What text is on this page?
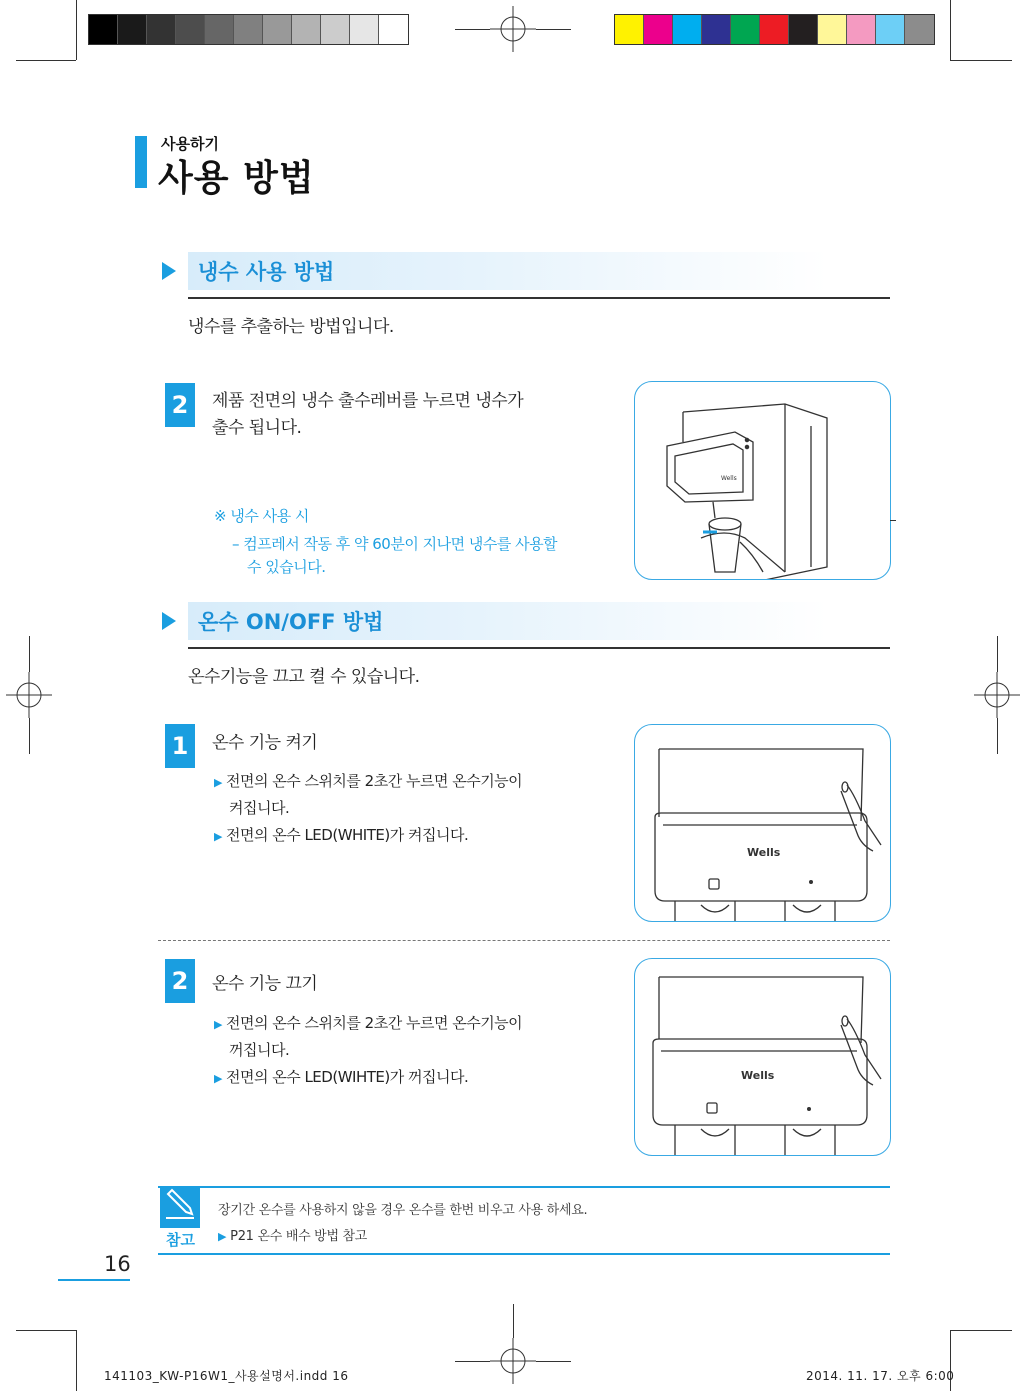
사용하기
사용 방법
냉수 사용 방법
냉수를 추출하는 방법입니다.
2	제품 전면의 냉수 출수레버를 누르면 냉수가
출수 됩니다.
※ 냉수 사용 시
– 컴프레서 작동 후 약 60분이 지나면 냉수를 사용할
수 있습니다.
Wells
온수 ON/OFF 방법
온수기능을 끄고 켤 수 있습니다.
1	온수 기능 켜기
▶ 전면의 온수 스위치를 2초간 누르면 온수기능이
켜집니다.
▶ 전면의 온수 LED(WHITE)가 켜집니다.
Wells
2	온수 기능 끄기
▶ 전면의 온수 스위치를 2초간 누르면 온수기능이
꺼집니다.
▶ 전면의 온수 LED(WIHTE)가 꺼집니다.	Wells
참고
장기간 온수를 사용하지 않을 경우 온수를 한번 비우고 사용 하세요.
▶ P21 온수 배수 방법 참고
16
141103_KW-P16W1_사용설명서.indd 16	2014. 11. 17. 오후 6:00
